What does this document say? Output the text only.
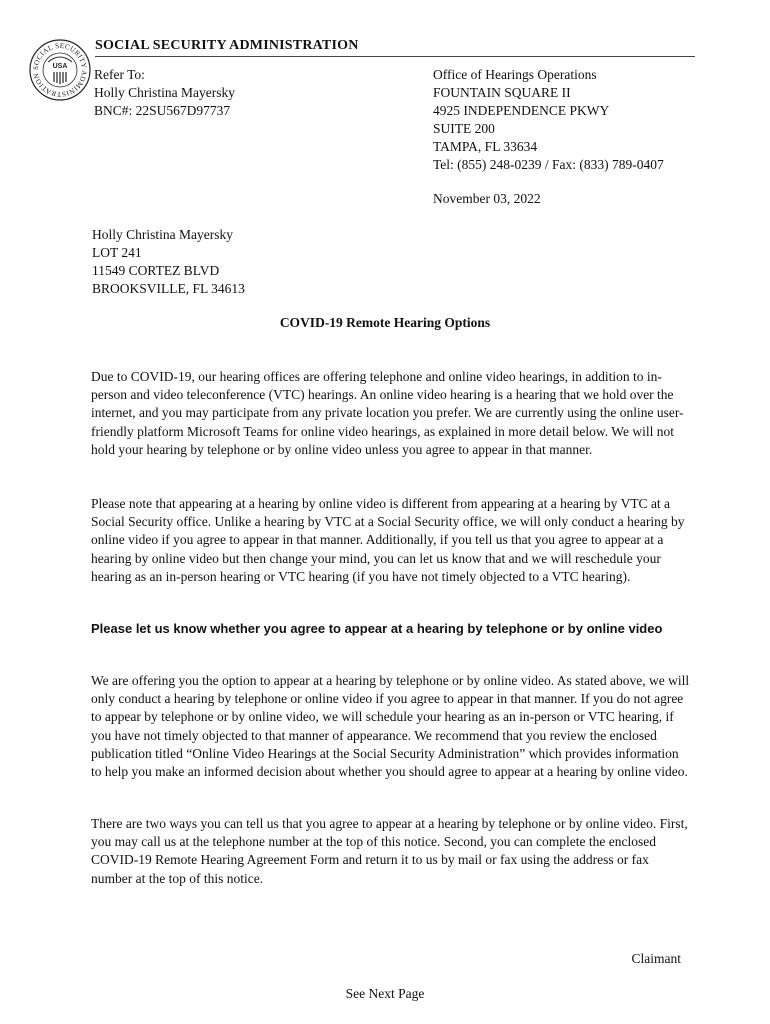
SOCIAL SECURITY ADMINISTRATION
USA
SOCIAL SECURITY ADMINISTRATION
Refer To:
Holly Christina Mayersky
BNC#: 22SU567D97737
Office of Hearings Operations
FOUNTAIN SQUARE II
4925 INDEPENDENCE PKWY
SUITE 200
TAMPA, FL 33634
Tel: (855) 248-0239 / Fax: (833) 789-0407
November 03, 2022
Holly Christina Mayersky
LOT 241
11549 CORTEZ BLVD
BROOKSVILLE, FL 34613
COVID-19 Remote Hearing Options
Due to COVID-19, our hearing offices are offering telephone and online video hearings, in addition to in-person and video teleconference (VTC) hearings. An online video hearing is a hearing that we hold over the internet, and you may participate from any private location you prefer. We are currently using the online user-friendly platform Microsoft Teams for online video hearings, as explained in more detail below. We will not hold your hearing by telephone or by online video unless you agree to appear in that manner.
Please note that appearing at a hearing by online video is different from appearing at a hearing by VTC at a Social Security office. Unlike a hearing by VTC at a Social Security office, we will only conduct a hearing by online video if you agree to appear in that manner. Additionally, if you tell us that you agree to appear at a hearing by online video but then change your mind, you can let us know that and we will reschedule your hearing as an in-person hearing or VTC hearing (if you have not timely objected to a VTC hearing).
Please let us know whether you agree to appear at a hearing by telephone or by online video
We are offering you the option to appear at a hearing by telephone or by online video. As stated above, we will only conduct a hearing by telephone or online video if you agree to appear in that manner. If you do not agree to appear by telephone or by online video, we will schedule your hearing as an in-person or VTC hearing, if you have not timely objected to that manner of appearance. We recommend that you review the enclosed publication titled “Online Video Hearings at the Social Security Administration” which provides information to help you make an informed decision about whether you should agree to appear at a hearing by online video.
There are two ways you can tell us that you agree to appear at a hearing by telephone or by online video. First, you may call us at the telephone number at the top of this notice. Second, you can complete the enclosed COVID-19 Remote Hearing Agreement Form and return it to us by mail or fax using the address or fax number at the top of this notice.
Claimant
See Next Page
